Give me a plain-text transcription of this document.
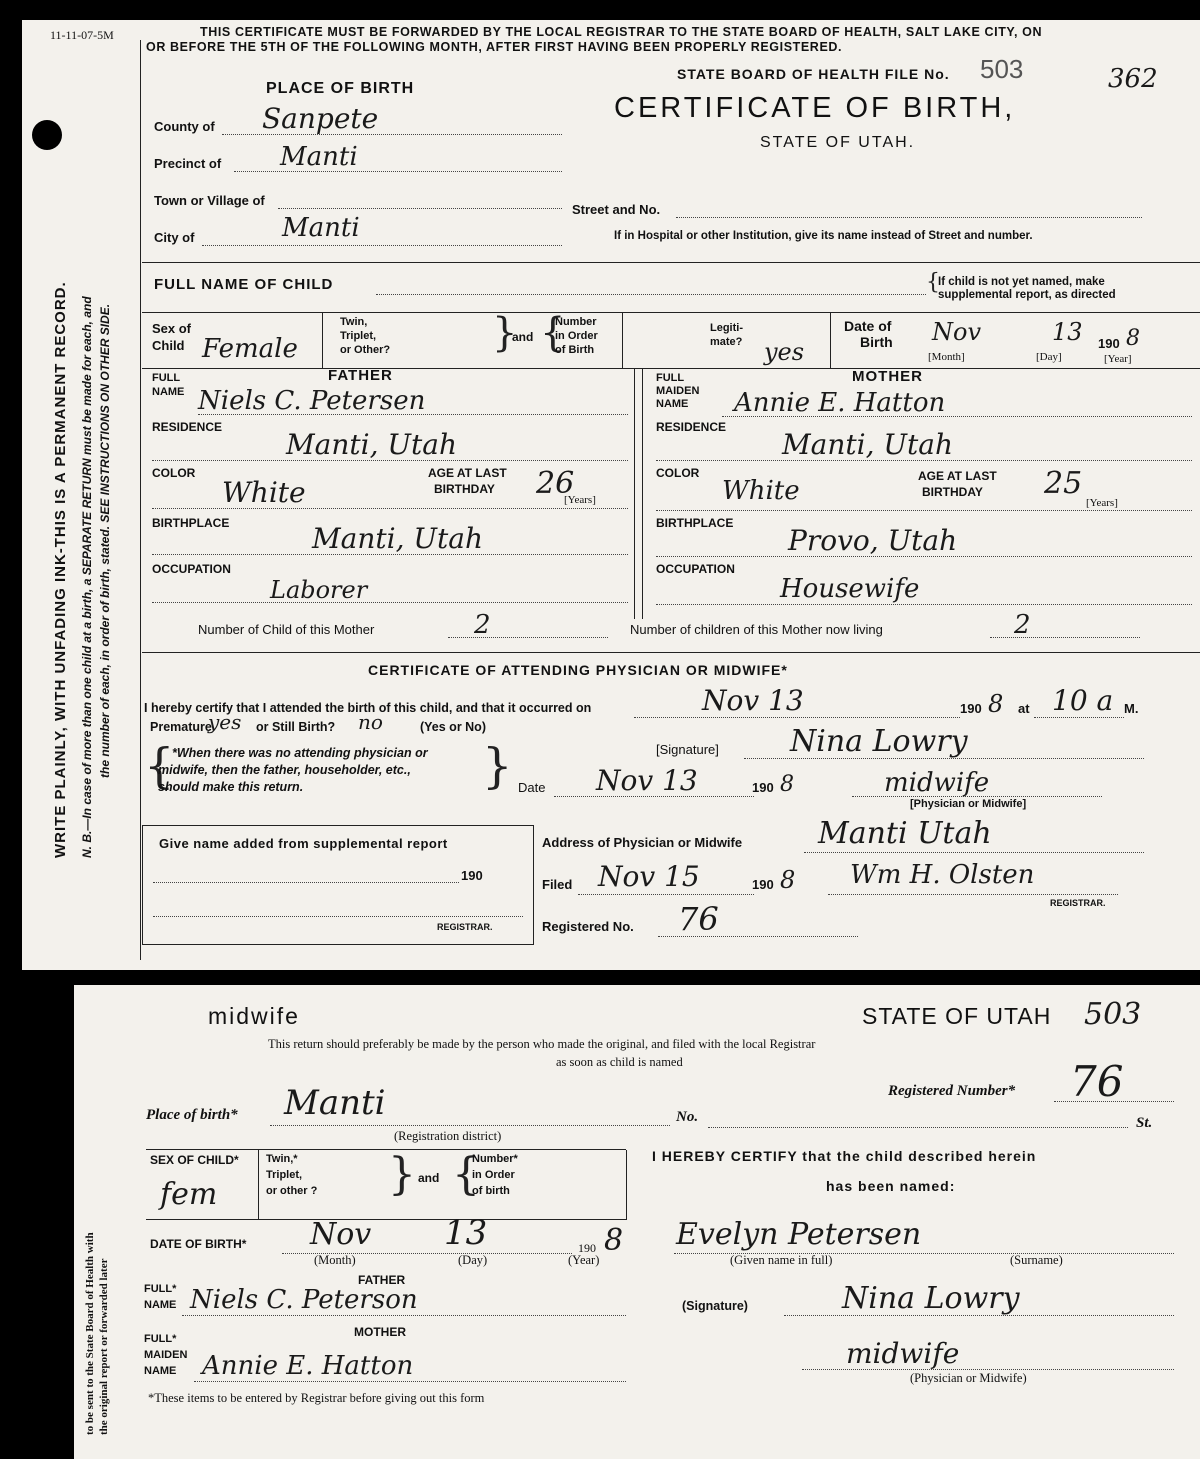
11-11-07-5M
WRITE PLAINLY, WITH UNFADING INK-THIS IS A PERMANENT RECORD. N. B.—In case of more than one child at a birth, a SEPARATE RETURN must be made for each, and the number of each, in order of birth, stated. SEE INSTRUCTIONS ON OTHER SIDE.
THIS CERTIFICATE MUST BE FORWARDED BY THE LOCAL REGISTRAR TO THE STATE BOARD OF HEALTH, SALT LAKE CITY, ON
OR BEFORE THE 5TH OF THE FOLLOWING MONTH, AFTER FIRST HAVING BEEN PROPERLY REGISTERED.
STATE BOARD OF HEALTH FILE No. 503	362
CERTIFICATE OF BIRTH,
STATE OF UTAH.
PLACE OF BIRTH
County of Sanpete
Precinct of Manti
Town or Village of
City of	Manti
Street and No.
If in Hospital or other Institution, give its name instead of Street and number.
FULL NAME OF CHILD	{
If child is not yet named, make
supplemental report, as directed
Sex of
Child Female
Twin,
Triplet,
or Other?	}
and {
Number
in Order
of Birth
Legiti-
mate? yes
Date of
Birth Nov	13 190 8
[Month]	[Day]	[Year]
FATHER
FULL
NAME Niels C. Petersen
RESIDENCE
Manti, Utah
COLOR
White
AGE AT LAST
BIRTHDAY 26
[Years]
BIRTHPLACE	Manti, Utah
OCCUPATION
Laborer
MOTHER
FULL
MAIDEN
NAME Annie E. Hatton
RESIDENCE
Manti, Utah
COLOR
White	AGE AT LAST
BIRTHDAY 25
[Years]
BIRTHPLACE
Provo, Utah
OCCUPATION
Housewife
Number of Child of this Mother	2	Number of children of this Mother now living	2
CERTIFICATE OF ATTENDING PHYSICIAN OR MIDWIFE*
I hereby certify that I attended the birth of this child, and that it occurred on	Nov 13	190 8 at 10 a M.
Premature
yes or Still Birth? no	(Yes or No)
{
*When there was no attending physician or
midwife, then the father, householder, etc.,
should make this return.	}	[Signature] Nina Lowry
Date Nov 13	190 8	midwife
[Physician or Midwife]
Give name added from supplemental report
190
REGISTRAR.
Address of Physician or Midwife	Manti Utah
Filed Nov 15	190 8 Wm H. Olsten
REGISTRAR.
Registered No. 76
to be sent to the State Board of Health with the original report or forwarded later
midwife	STATE OF UTAH 503
This return should preferably be made by the person who made the original, and filed with the local Registrar
as soon as child is named
Registered Number* 76
Place of birth* Manti
(Registration district)
No.	St.
SEX OF CHILD*
fem
Twin,*
Triplet,
or other ? } and {
Number*
in Order
of birth
DATE OF BIRTH* Nov 13	190 8
(Month)	(Day)	(Year)
FATHER
FULL*
NAME Niels C. Peterson
MOTHER
FULL*
MAIDEN
NAME Annie E. Hatton
*These items to be entered by Registrar before giving out this form
I HEREBY CERTIFY that the child described herein
has been named:
Evelyn Petersen
(Given name in full)	(Surname)
(Signature)	Nina Lowry
midwife
(Physician or Midwife)
